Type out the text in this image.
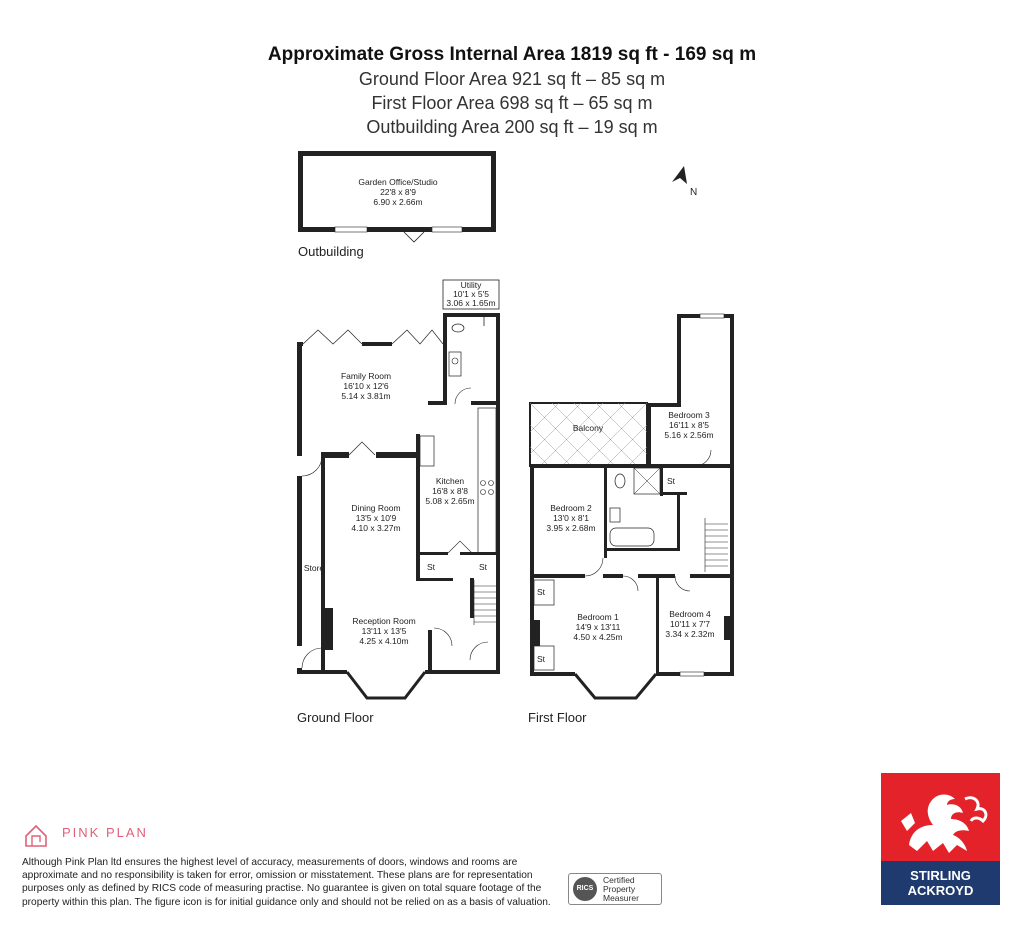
Approximate Gross Internal Area 1819 sq ft - 169 sq m
Ground Floor Area 921 sq ft – 85 sq m
First Floor Area 698 sq ft – 65 sq m
Outbuilding Area 200 sq ft – 19 sq m
N
Garden Office/Studio
22'8 x 8'9
6.90 x 2.66m
Outbuilding
Utility
10'1 x 5'5
3.06 x 1.65m
St	St
Family Room
16'10 x 12'6
5.14 x 3.81m
Kitchen
16'8 x 8'8
5.08 x 2.65m
Dining Room
13'5 x 10'9
4.10 x 3.27m
Reception Room
13'11 x 13'5
4.25 x 4.10m
Store
Ground Floor
St
St
St
Balcony
Bedroom 3
16'11 x 8'5
5.16 x 2.56m
Bedroom 2
13'0 x 8'1
3.95 x 2.68m
Bedroom 1
14'9 x 13'11
4.50 x 4.25m
Bedroom 4
10'11 x 7'7
3.34 x 2.32m
First Floor
PINK PLAN
Although Pink Plan ltd ensures the highest level of accuracy, measurements of doors, windows and rooms are approximate and no responsibility is taken for error, omission or misstatement. These plans are for representation purposes only as defined by RICS code of measuring practise. No guarantee is given on total square footage of the property within this plan. The figure icon is for initial guidance only and should not be relied on as a basis of valuation.
RICS
Certified
Property
Measurer
STIRLING
ACKROYD
